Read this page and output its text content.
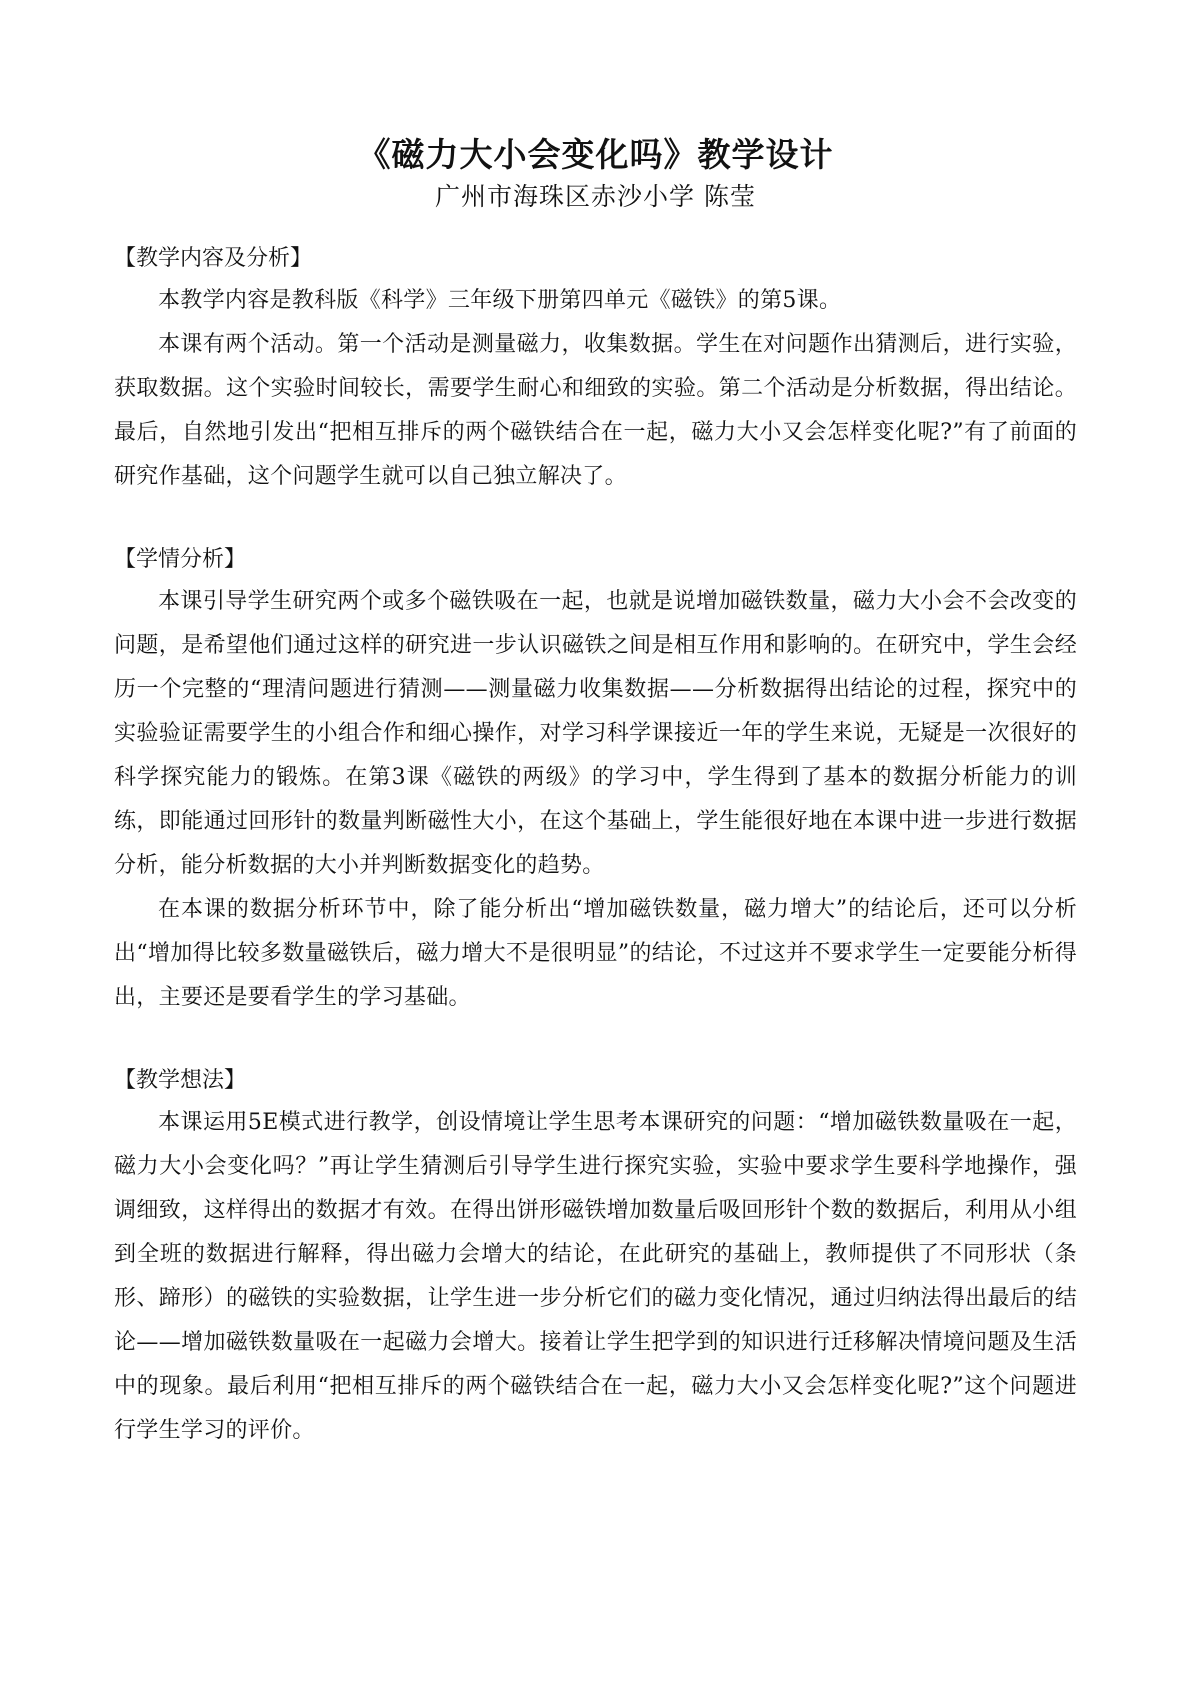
《磁力大小会变化吗》教学设计
广州市海珠区赤沙小学 陈莹
【教学内容及分析】

本教学内容是教科版《科学》三年级下册第四单元《磁铁》的第5课。

本课有两个活动。第一个活动是测量磁力，收集数据。学生在对问题作出猜测后，进行实验，获取数据。这个实验时间较长，需要学生耐心和细致的实验。第二个活动是分析数据，得出结论。最后，自然地引发出“把相互排斥的两个磁铁结合在一起，磁力大小又会怎样变化呢?”有了前面的研究作基础，这个问题学生就可以自己独立解决了。

【学情分析】

本课引导学生研究两个或多个磁铁吸在一起，也就是说增加磁铁数量，磁力大小会不会改变的问题，是希望他们通过这样的研究进一步认识磁铁之间是相互作用和影响的。在研究中，学生会经历一个完整的“理清问题进行猜测——测量磁力收集数据——分析数据得出结论的过程，探究中的实验验证需要学生的小组合作和细心操作，对学习科学课接近一年的学生来说，无疑是一次很好的科学探究能力的锻炼。在第3课《磁铁的两级》的学习中，学生得到了基本的数据分析能力的训练，即能通过回形针的数量判断磁性大小，在这个基础上，学生能很好地在本课中进一步进行数据分析，能分析数据的大小并判断数据变化的趋势。

在本课的数据分析环节中，除了能分析出“增加磁铁数量，磁力增大”的结论后，还可以分析出“增加得比较多数量磁铁后，磁力增大不是很明显”的结论，不过这并不要求学生一定要能分析得出，主要还是要看学生的学习基础。

【教学想法】

本课运用5E模式进行教学，创设情境让学生思考本课研究的问题：“增加磁铁数量吸在一起，磁力大小会变化吗？”再让学生猜测后引导学生进行探究实验，实验中要求学生要科学地操作，强调细致，这样得出的数据才有效。在得出饼形磁铁增加数量后吸回形针个数的数据后，利用从小组到全班的数据进行解释，得出磁力会增大的结论，在此研究的基础上，教师提供了不同形状（条形、蹄形）的磁铁的实验数据，让学生进一步分析它们的磁力变化情况，通过归纳法得出最后的结论——增加磁铁数量吸在一起磁力会增大。接着让学生把学到的知识进行迁移解决情境问题及生活中的现象。最后利用“把相互排斥的两个磁铁结合在一起，磁力大小又会怎样变化呢?”这个问题进行学生学习的评价。
